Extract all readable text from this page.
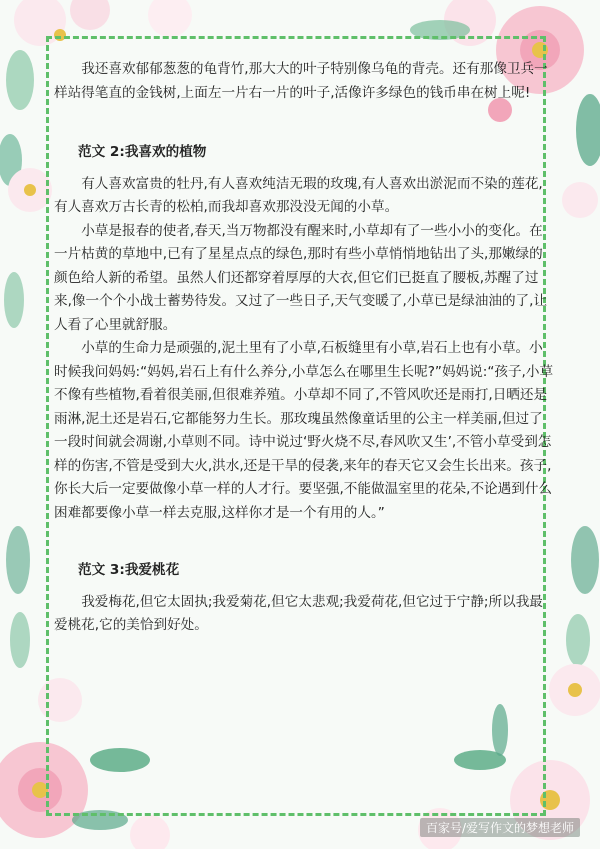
我还喜欢郁郁葱葱的龟背竹,那大大的叶子特别像乌龟的背壳。还有那像卫兵一样站得笔直的金钱树,上面左一片右一片的叶子,活像许多绿色的钱币串在树上呢!

范文 2:我喜欢的植物

有人喜欢富贵的牡丹,有人喜欢纯洁无瑕的玫瑰,有人喜欢出淤泥而不染的莲花,有人喜欢万古长青的松柏,而我却喜欢那没没无闻的小草。

小草是报春的使者,春天,当万物都没有醒来时,小草却有了一些小小的变化。在一片枯黄的草地中,已有了星星点点的绿色,那时有些小草悄悄地钻出了头,那嫩绿的颜色给人新的希望。虽然人们还都穿着厚厚的大衣,但它们已挺直了腰板,苏醒了过来,像一个个小战士蓄势待发。又过了一些日子,天气变暖了,小草已是绿油油的了,让人看了心里就舒服。

小草的生命力是顽强的,泥土里有了小草,石板缝里有小草,岩石上也有小草。小时候我问妈妈:“妈妈,岩石上有什么养分,小草怎么在哪里生长呢?”妈妈说:“孩子,小草不像有些植物,看着很美丽,但很难养殖。小草却不同了,不管风吹还是雨打,日晒还是雨淋,泥土还是岩石,它都能努力生长。那玫瑰虽然像童话里的公主一样美丽,但过了一段时间就会凋谢,小草则不同。诗中说过‘野火烧不尽,春风吹又生’,不管小草受到怎样的伤害,不管是受到大火,洪水,还是干旱的侵袭,来年的春天它又会生长出来。孩子,你长大后一定要做像小草一样的人才行。要坚强,不能做温室里的花朵,不论遇到什么困难都要像小草一样去克服,这样你才是一个有用的人。”

范文 3:我爱桃花

我爱梅花,但它太固执;我爱菊花,但它太悲观;我爱荷花,但它过于宁静;所以我最爱桃花,它的美恰到好处。

百家号/爱写作文的梦想老师
